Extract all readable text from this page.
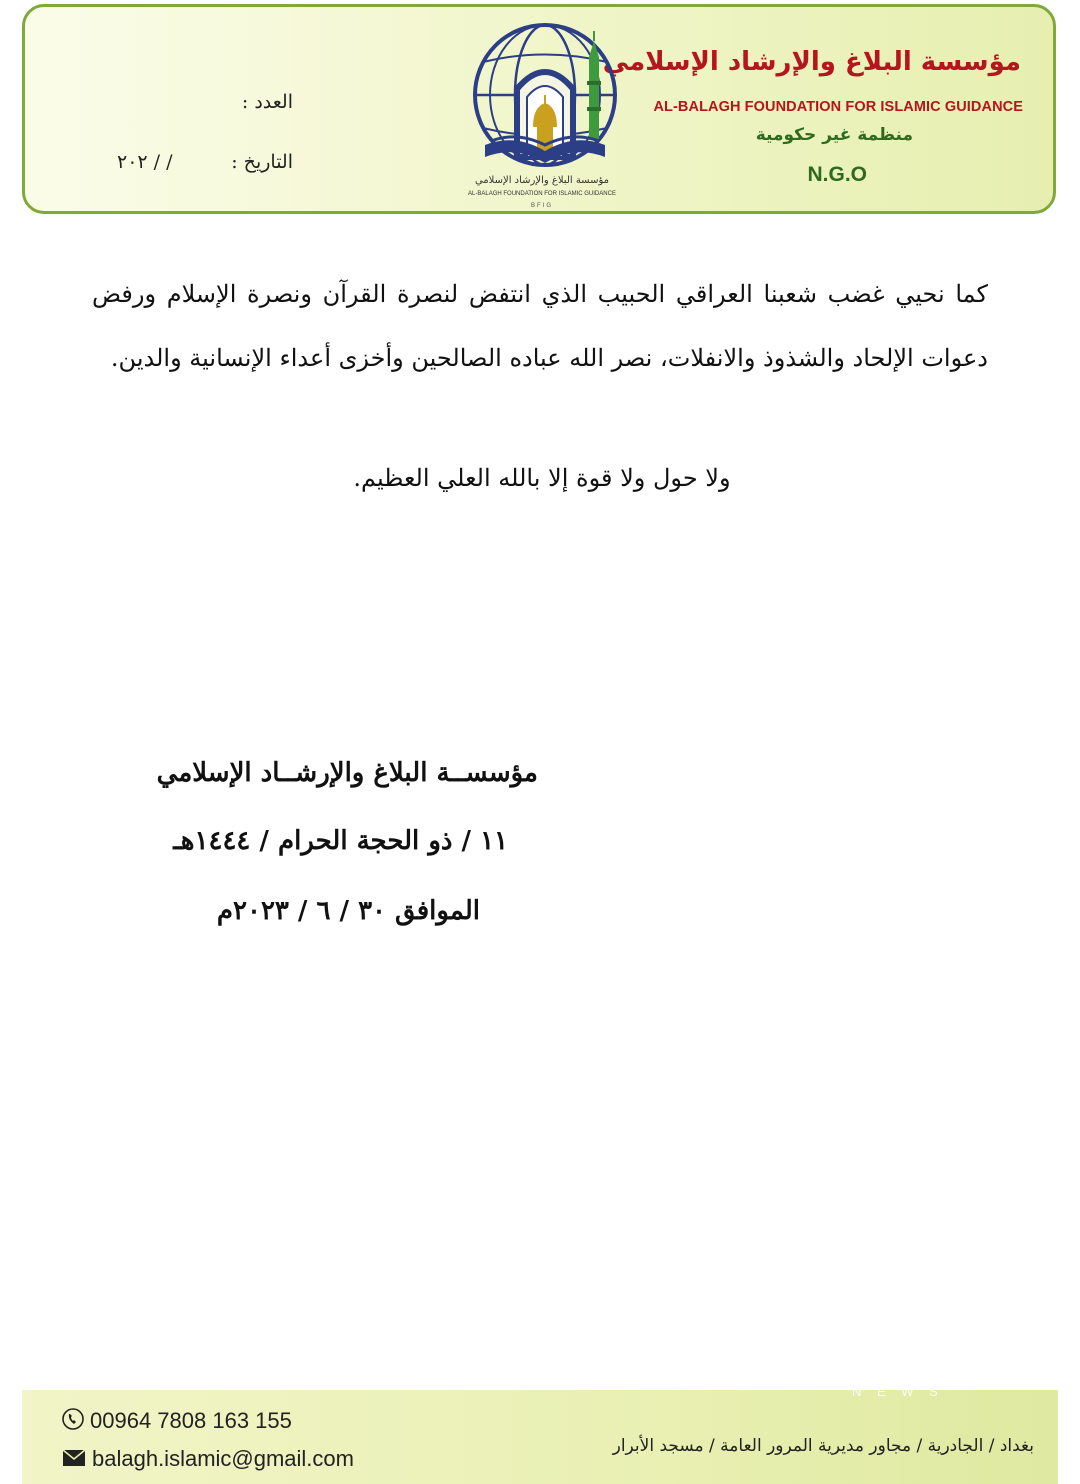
مؤسسة البلاغ والإرشاد الإسلامي
AL-BALAGH FOUNDATION FOR ISLAMIC GUIDANCE
منظمة غير حكومية
N.G.O
مؤسسة البلاغ والإرشاد الإسلامي
AL-BALAGH FOUNDATION FOR ISLAMIC GUIDANCE
BFIG
العدد :
التاريخ :
/ / ٢٠٢
كما نحيي غضب شعبنا العراقي الحبيب الذي انتفض لنصرة القرآن ونصرة الإسلام ورفض دعوات الإلحاد والشذوذ والانفلات، نصر الله عباده الصالحين وأخزى أعداء الإنسانية والدين.
ولا حول ولا قوة إلا بالله العلي العظيم.
مؤسســة البلاغ والإرشــاد الإسلامي
١١ / ذو الحجة الحرام / ١٤٤٤هـ
الموافق ٣٠ / ٦ / ٢٠٢٣م
N E W S
00964 7808 163 155
balagh.islamic@gmail.com	بغداد / الجادرية / مجاور مديرية المرور العامة / مسجد الأبرار
